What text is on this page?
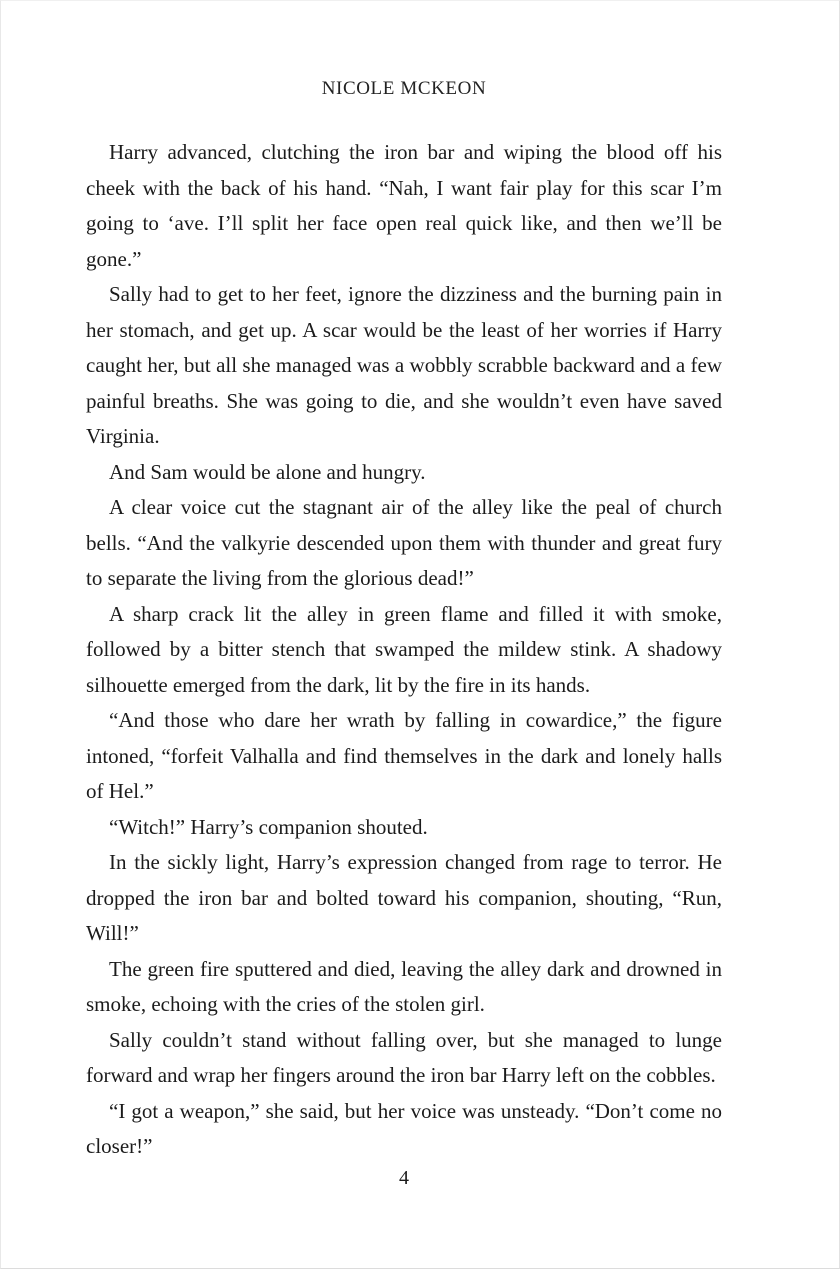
NICOLE MCKEON

Harry advanced, clutching the iron bar and wiping the blood off his cheek with the back of his hand. “Nah, I want fair play for this scar I’m going to ‘ave. I’ll split her face open real quick like, and then we’ll be gone.”

Sally had to get to her feet, ignore the dizziness and the burning pain in her stomach, and get up. A scar would be the least of her worries if Harry caught her, but all she managed was a wobbly scrabble backward and a few painful breaths. She was going to die, and she wouldn’t even have saved Virginia.

And Sam would be alone and hungry.

A clear voice cut the stagnant air of the alley like the peal of church bells. “And the valkyrie descended upon them with thunder and great fury to separate the living from the glorious dead!”

A sharp crack lit the alley in green flame and filled it with smoke, followed by a bitter stench that swamped the mildew stink. A shadowy silhouette emerged from the dark, lit by the fire in its hands.

“And those who dare her wrath by falling in cowardice,” the figure intoned, “forfeit Valhalla and find themselves in the dark and lonely halls of Hel.”

“Witch!” Harry’s companion shouted.

In the sickly light, Harry’s expression changed from rage to terror. He dropped the iron bar and bolted toward his companion, shouting, “Run, Will!”

The green fire sputtered and died, leaving the alley dark and drowned in smoke, echoing with the cries of the stolen girl.

Sally couldn’t stand without falling over, but she managed to lunge forward and wrap her fingers around the iron bar Harry left on the cobbles.

“I got a weapon,” she said, but her voice was unsteady. “Don’t come no closer!”

4
